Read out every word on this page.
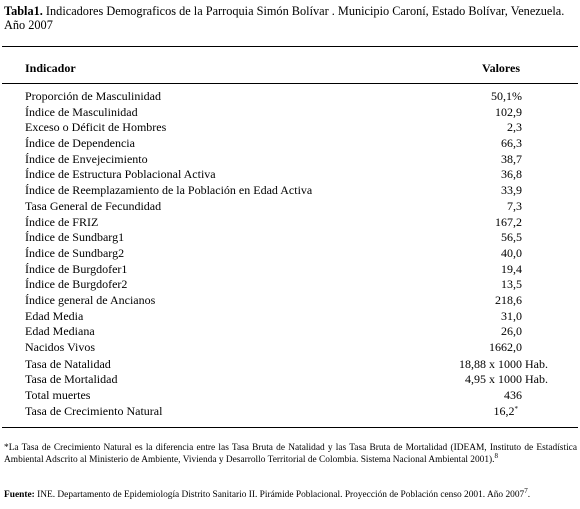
Tabla1. Indicadores Demograficos de la Parroquia Simón Bolívar . Municipio Caroní, Estado Bolívar, Venezuela. Año 2007
Indicador	Valores
Proporción de Masculinidad	50,1%
Índice de Masculinidad	102,9
Exceso o Déficit de Hombres	2,3
Índice de Dependencia	66,3
Índice de Envejecimiento	38,7
Índice de Estructura Poblacional Activa	36,8
Índice de Reemplazamiento de la Población en Edad Activa	33,9
Tasa General de Fecundidad	7,3
Índice de FRIZ	167,2
Índice de Sundbarg1	56,5
Índice de Sundbarg2	40,0
Índice de Burgdofer1	19,4
Índice de Burgdofer2	13,5
Índice general de Ancianos	218,6
Edad Media	31,0
Edad Mediana	26,0
Nacidos Vivos	1662,0
Tasa de Natalidad	18,88 x 1000 Hab.
Tasa de Mortalidad	4,95 x 1000 Hab.
Total muertes	436
Tasa de Crecimiento Natural	16,2*
*La Tasa de Crecimiento Natural es la diferencia entre las Tasa Bruta de Natalidad y las Tasa Bruta de Mortalidad (IDEAM, Instituto de Estadística Ambiental Adscrito al Ministerio de Ambiente, Vivienda y Desarrollo Territorial de Colombia. Sistema Nacional Ambiental 2001).$^8$
Fuente: INE. Departamento de Epidemiología Distrito Sanitario II. Pirámide Poblacional. Proyección de Población censo 2001. Año 2007$^7$.
